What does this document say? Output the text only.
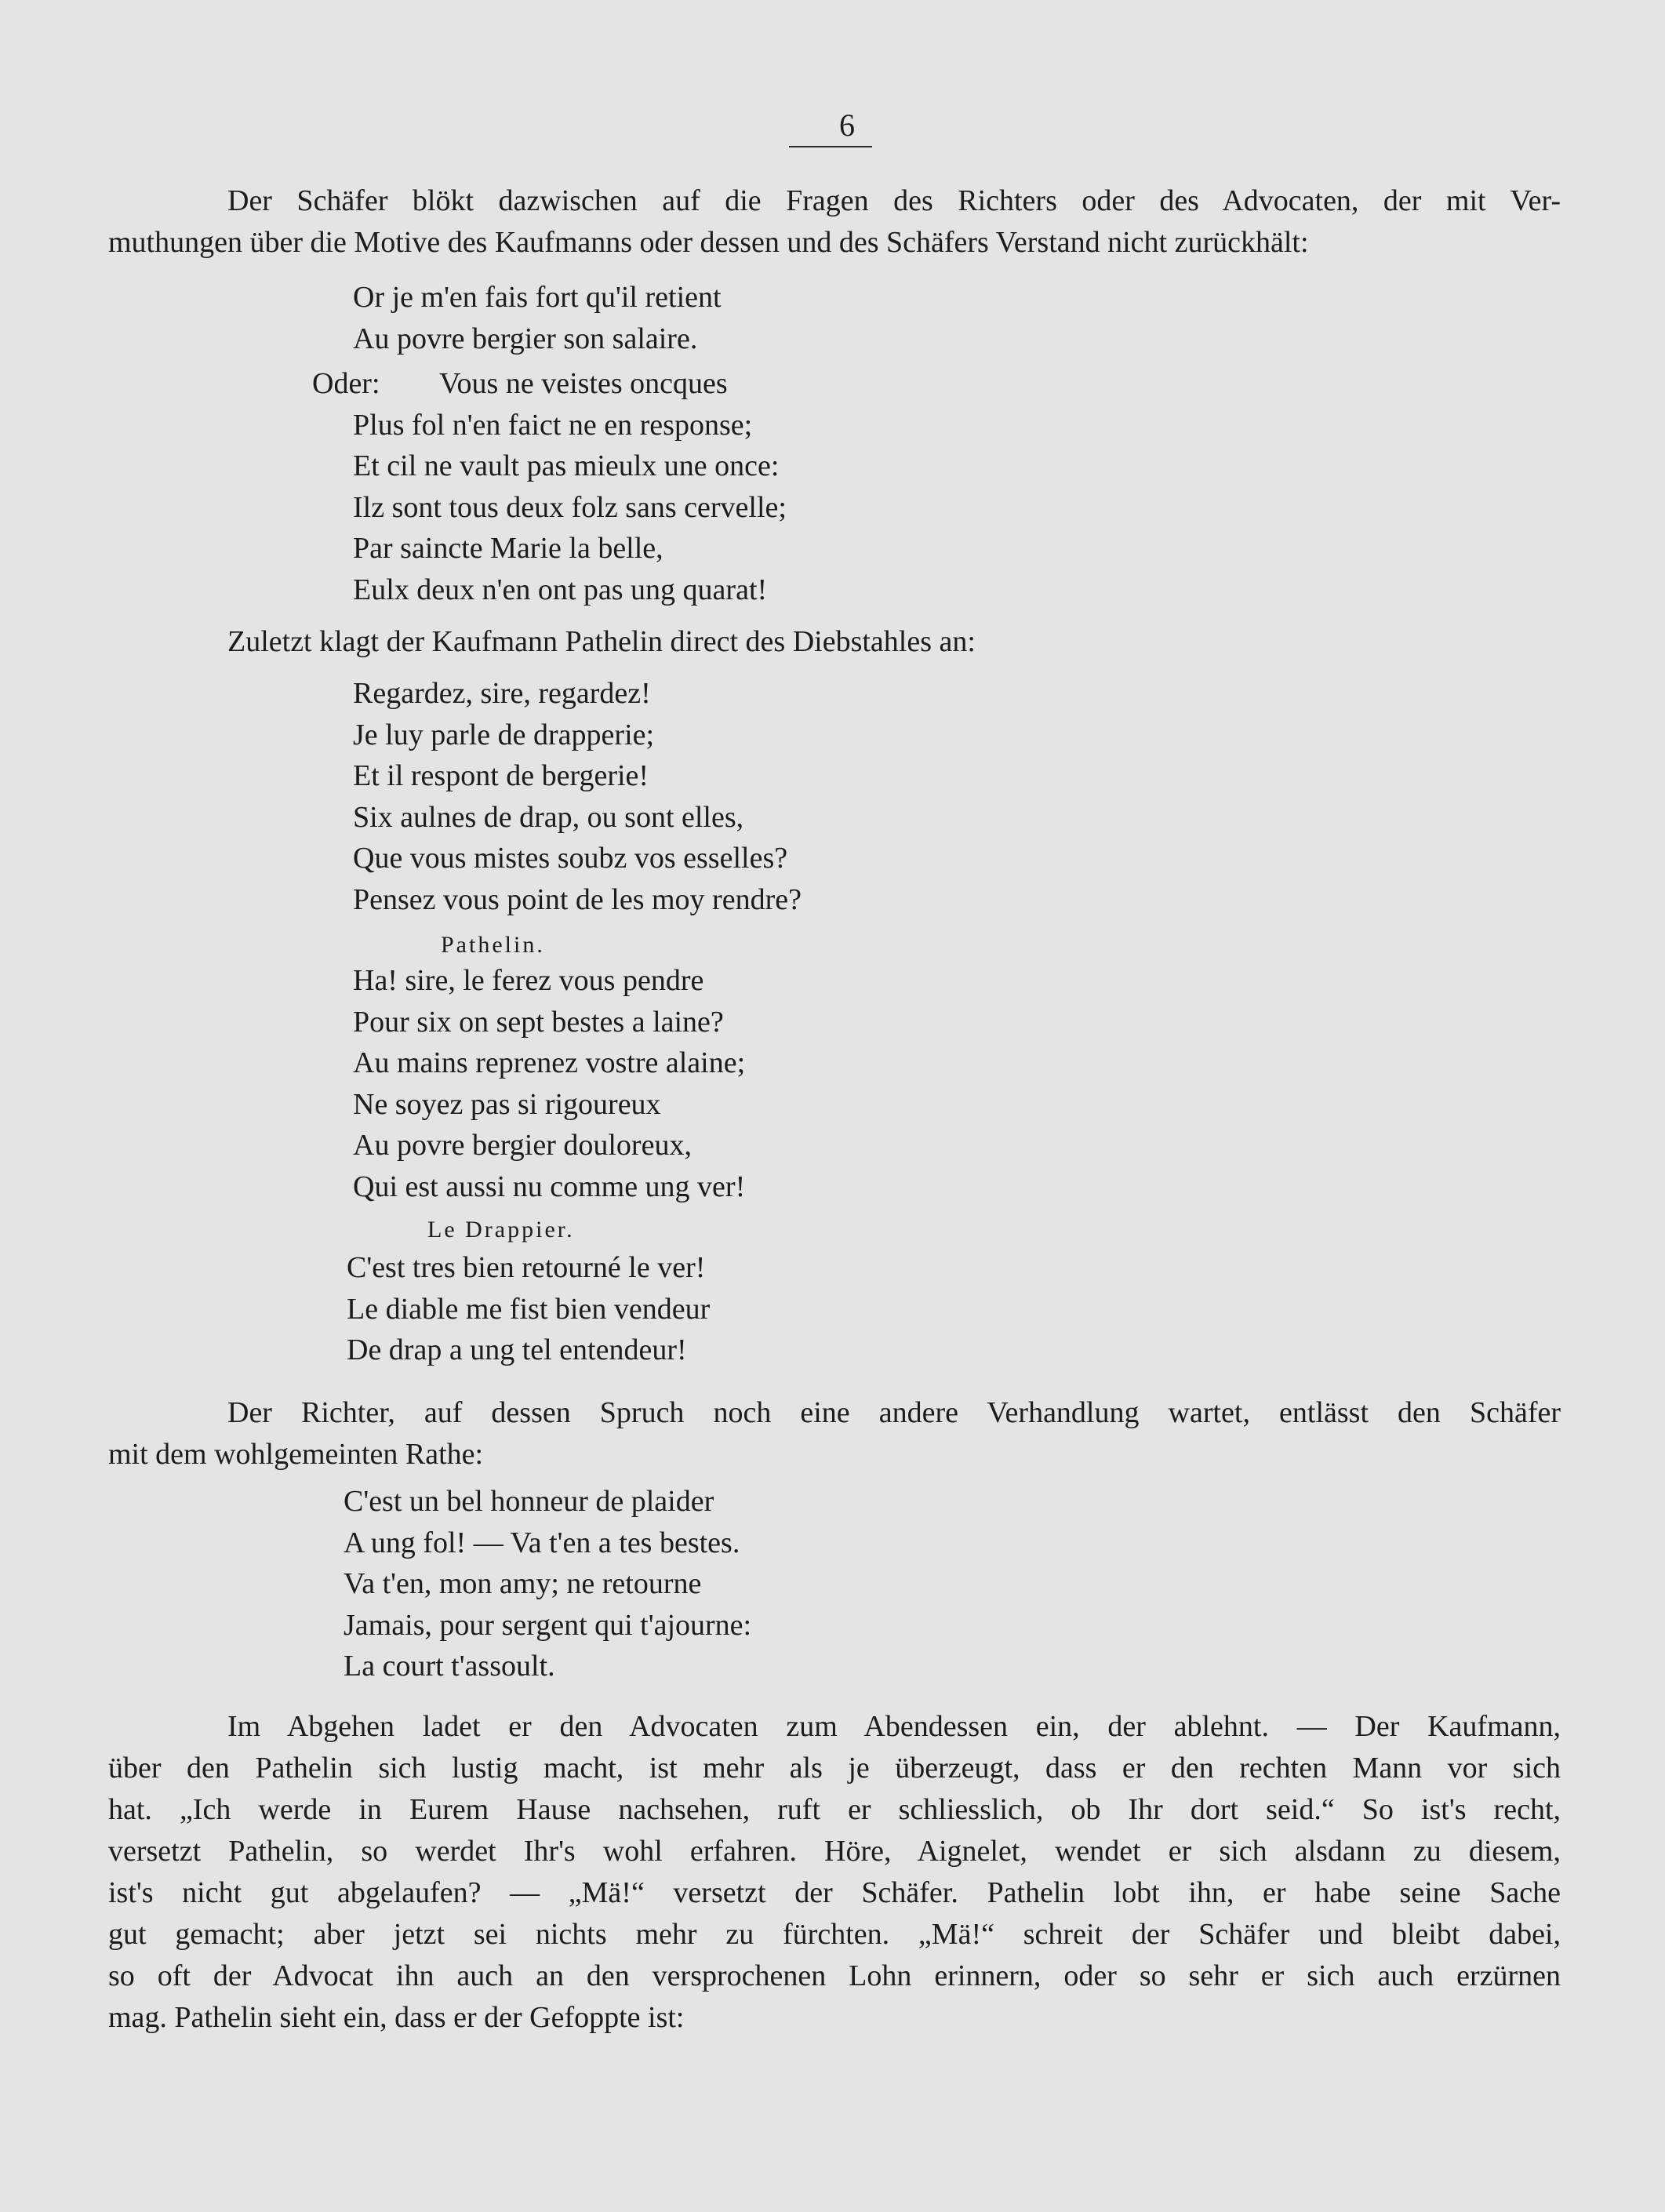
6
Der Schäfer blökt dazwischen auf die Fragen des Richters oder des Advocaten, der mit Ver-
muthungen über die Motive des Kaufmanns oder dessen und des Schäfers Verstand nicht zurückhält:
Or je m'en fais fort qu'il retient
Au povre bergier son salaire.
Oder:	Vous ne veistes oncques
Plus fol n'en faict ne en response;
Et cil ne vault pas mieulx une once:
Ilz sont tous deux folz sans cervelle;
Par saincte Marie la belle,
Eulx deux n'en ont pas ung quarat!
Zuletzt klagt der Kaufmann Pathelin direct des Diebstahles an:
Regardez, sire, regardez!
Je luy parle de drapperie;
Et il respont de bergerie!
Six aulnes de drap, ou sont elles,
Que vous mistes soubz vos esselles?
Pensez vous point de les moy rendre?
Pathelin.
Ha! sire, le ferez vous pendre
Pour six on sept bestes a laine?
Au mains reprenez vostre alaine;
Ne soyez pas si rigoureux
Au povre bergier douloreux,
Qui est aussi nu comme ung ver!
Le Drappier.
C'est tres bien retourné le ver!
Le diable me fist bien vendeur
De drap a ung tel entendeur!
Der Richter, auf dessen Spruch noch eine andere Verhandlung wartet, entlässt den Schäfer
mit dem wohlgemeinten Rathe:
C'est un bel honneur de plaider
A ung fol! — Va t'en a tes bestes.
Va t'en, mon amy; ne retourne
Jamais, pour sergent qui t'ajourne:
La court t'assoult.
Im Abgehen ladet er den Advocaten zum Abendessen ein, der ablehnt. — Der Kaufmann,
über den Pathelin sich lustig macht, ist mehr als je überzeugt, dass er den rechten Mann vor sich
hat. „Ich werde in Eurem Hause nachsehen, ruft er schliesslich, ob Ihr dort seid.“ So ist's recht,
versetzt Pathelin, so werdet Ihr's wohl erfahren. Höre, Aignelet, wendet er sich alsdann zu diesem,
ist's nicht gut abgelaufen? — „Mä!“ versetzt der Schäfer. Pathelin lobt ihn, er habe seine Sache
gut gemacht; aber jetzt sei nichts mehr zu fürchten. „Mä!“ schreit der Schäfer und bleibt dabei,
so oft der Advocat ihn auch an den versprochenen Lohn erinnern, oder so sehr er sich auch erzürnen
mag. Pathelin sieht ein, dass er der Gefoppte ist:
